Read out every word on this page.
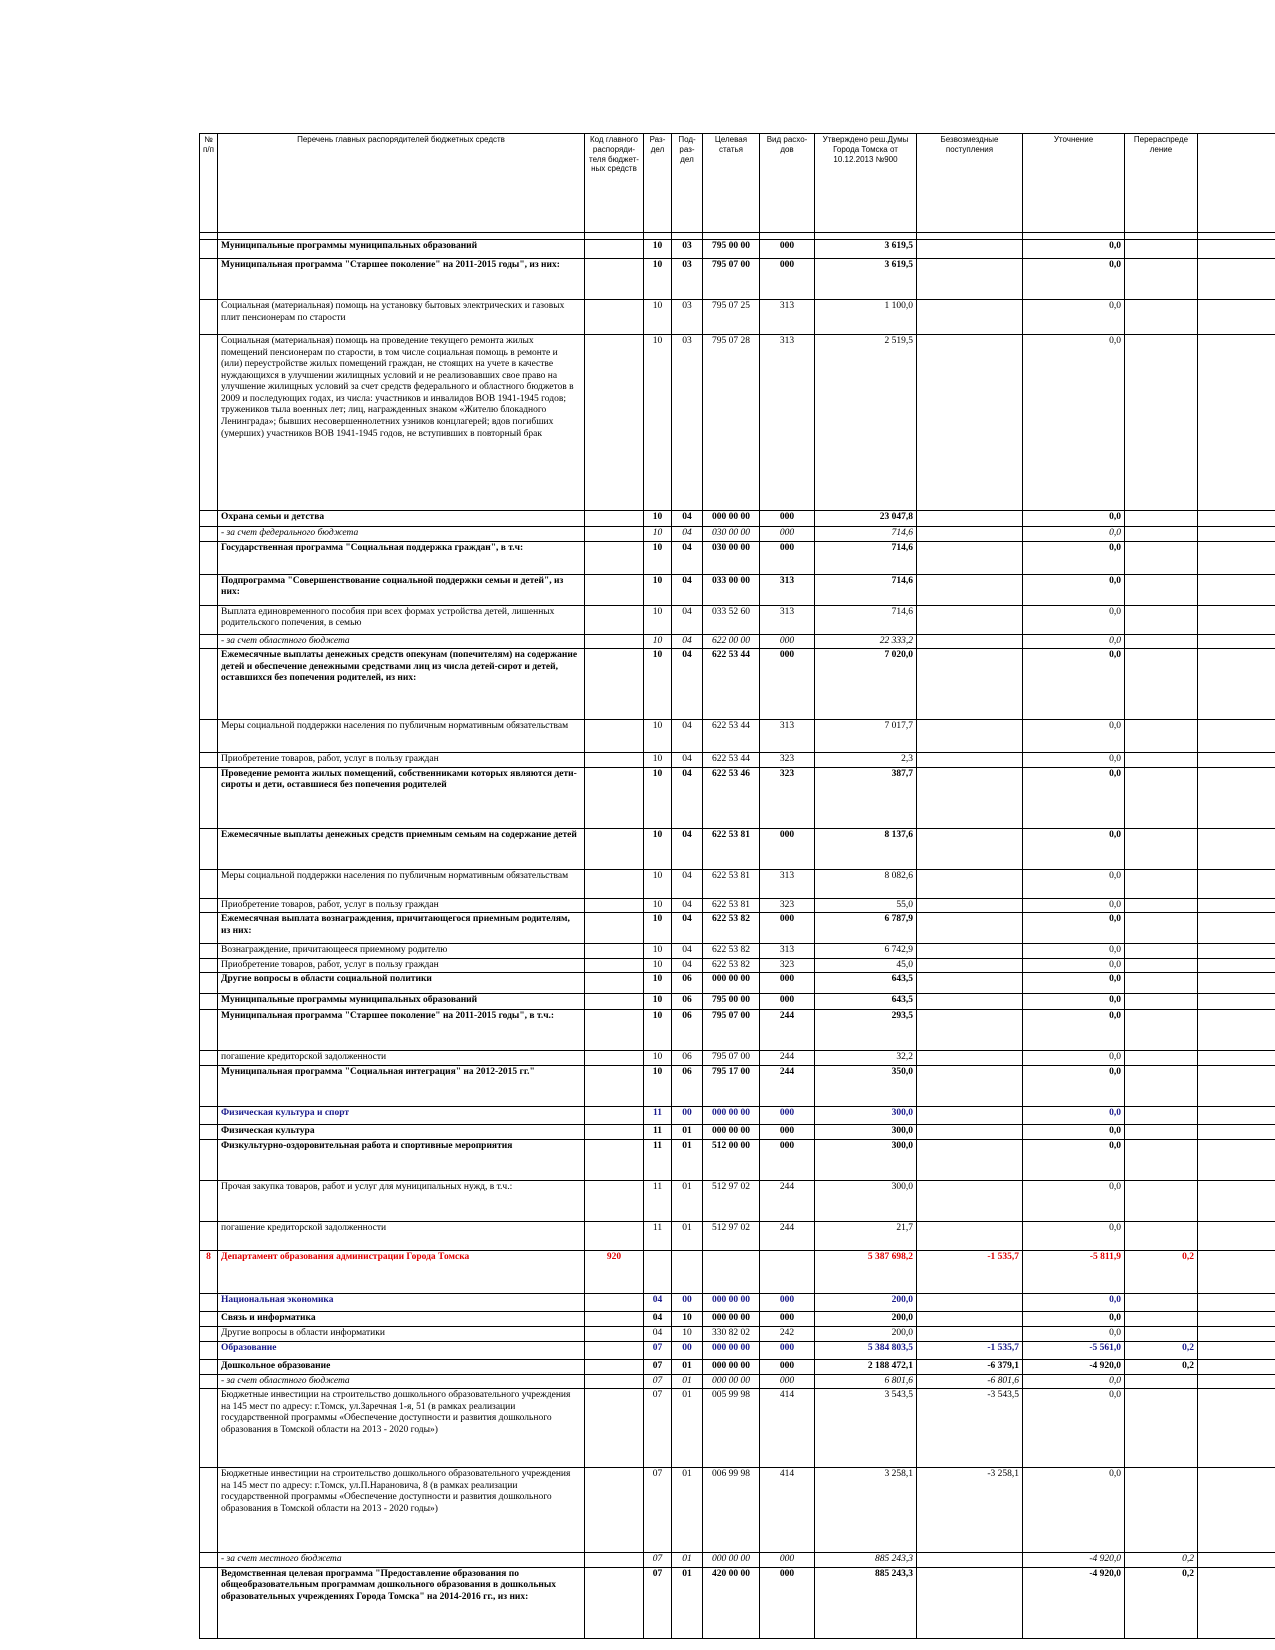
№ п/п	Перечень главных распорядителей бюджетных средств	Код главного распоряди-теля бюджет-ных средств	Раз-дел	Под-раз-дел	Целевая статья	Вид расхо-дов	Утверждено реш.Думы Города Томска от 10.12.2013 №900	Безвозмездные поступления	Уточнение	Перераспреде ление	

	Муниципальные программы муниципальных образований		10	03	795 00 00	000	3 619,5		0,0		
	Муниципальная программа "Старшее поколение" на 2011-2015 годы", из них:		10	03	795 07 00	000	3 619,5		0,0		
	Социальная (материальная) помощь на установку бытовых электрических и газовых плит пенсионерам по старости		10	03	795 07 25	313	1 100,0		0,0		
	Социальная (материальная) помощь на проведение текущего ремонта жилых помещений пенсионерам по старости, в том числе социальная помощь в ремонте и (или) переустройстве жилых помещений граждан, не стоящих на учете в качестве нуждающихся в улучшении жилищных условий и не реализовавших свое право на улучшение жилищных условий за счет средств федерального и областного бюджетов в 2009 и последующих годах, из числа: участников и инвалидов ВОВ 1941-1945 годов; тружеников тыла военных лет; лиц, награжденных знаком «Жителю блокадного Ленинграда»; бывших несовершеннолетних узников концлагерей; вдов погибших (умерших) участников ВОВ 1941-1945 годов, не вступивших в повторный брак		10	03	795 07 28	313	2 519,5		0,0		
	Охрана семьи и детства		10	04	000 00 00	000	23 047,8		0,0		
	- за счет федерального бюджета		10	04	030 00 00	000	714,6		0,0		
	Государственная программа "Социальная поддержка граждан", в т.ч:		10	04	030 00 00	000	714,6		0,0		
	Подпрограмма "Совершенствование социальной поддержки семьи и детей", из них:		10	04	033 00 00	313	714,6		0,0		
	Выплата единовременного пособия при всех формах устройства детей, лишенных родительского попечения, в семью		10	04	033 52 60	313	714,6		0,0		
	- за счет областного бюджета		10	04	622 00 00	000	22 333,2		0,0		
	Ежемесячные выплаты денежных средств опекунам (попечителям) на содержание детей и обеспечение денежными средствами лиц из числа детей-сирот и детей, оставшихся без попечения родителей, из них:		10	04	622 53 44	000	7 020,0		0,0		
	Меры социальной поддержки населения по публичным нормативным обязательствам		10	04	622 53 44	313	7 017,7		0,0		
	Приобретение товаров, работ, услуг в пользу граждан		10	04	622 53 44	323	2,3		0,0		
	Проведение ремонта жилых помещений, собственниками которых являются дети-сироты и дети, оставшиеся без попечения родителей		10	04	622 53 46	323	387,7		0,0		
	Ежемесячные выплаты денежных средств приемным семьям на содержание детей		10	04	622 53 81	000	8 137,6		0,0		
	Меры социальной поддержки населения по публичным нормативным обязательствам		10	04	622 53 81	313	8 082,6		0,0		
	Приобретение товаров, работ, услуг в пользу граждан		10	04	622 53 81	323	55,0		0,0		
	Ежемесячная выплата вознаграждения, причитающегося приемным родителям, из них:		10	04	622 53 82	000	6 787,9		0,0		
	Вознаграждение, причитающееся приемному родителю		10	04	622 53 82	313	6 742,9		0,0		
	Приобретение товаров, работ, услуг в пользу граждан		10	04	622 53 82	323	45,0		0,0		
	Другие вопросы в области социальной политики		10	06	000 00 00	000	643,5		0,0		
	Муниципальные программы муниципальных образований		10	06	795 00 00	000	643,5		0,0		
	Муниципальная программа "Старшее поколение" на 2011-2015 годы", в т.ч.:		10	06	795 07 00	244	293,5		0,0		
	погашение кредиторской задолженности		10	06	795 07 00	244	32,2		0,0		
	Муниципальная программа "Социальная интеграция" на 2012-2015 гг."		10	06	795 17 00	244	350,0		0,0		
	Физическая культура и спорт		11	00	000 00 00	000	300,0		0,0		
	Физическая культура		11	01	000 00 00	000	300,0		0,0		
	Физкультурно-оздоровительная работа и спортивные мероприятия		11	01	512 00 00	000	300,0		0,0		
	Прочая закупка товаров, работ и услуг для муниципальных нужд, в т.ч.:		11	01	512 97 02	244	300,0		0,0		
	погашение кредиторской задолженности		11	01	512 97 02	244	21,7		0,0		
8	Департамент образования администрации Города Томска	920					5 387 698,2	-1 535,7	-5 811,9	0,2	
	Национальная экономика		04	00	000 00 00	000	200,0		0,0		
	Связь и информатика		04	10	000 00 00	000	200,0		0,0		
	Другие вопросы в области информатики		04	10	330 82 02	242	200,0		0,0		
	Образование		07	00	000 00 00	000	5 384 803,5	-1 535,7	-5 561,0	0,2	
	Дошкольное образование		07	01	000 00 00	000	2 188 472,1	-6 379,1	-4 920,0	0,2	
	- за счет областного бюджета		07	01	000 00 00	000	6 801,6	-6 801,6	0,0		
	Бюджетные инвестиции на строительство дошкольного образовательного учреждения на 145 мест по адресу: г.Томск, ул.Заречная 1-я, 51 (в рамках реализации государственной программы «Обеспечение доступности и развития дошкольного образования в Томской области на 2013 - 2020 годы»)		07	01	005 99 98	414	3 543,5	-3 543,5	0,0		
	Бюджетные инвестиции на строительство дошкольного образовательного учреждения на 145 мест по адресу: г.Томск, ул.П.Нарановича, 8 (в рамках реализации государственной программы «Обеспечение доступности и развития дошкольного образования в Томской области на 2013 - 2020 годы»)		07	01	006 99 98	414	3 258,1	-3 258,1	0,0		
	- за счет местного бюджета		07	01	000 00 00	000	885 243,3		-4 920,0	0,2	
	Ведомственная целевая программа "Предоставление образования по общеобразовательным программам дошкольного образования в дошкольных образовательных учреждениях Города Томска" на 2014-2016 гг., из них:		07	01	420 00 00	000	885 243,3		-4 920,0	0,2	
